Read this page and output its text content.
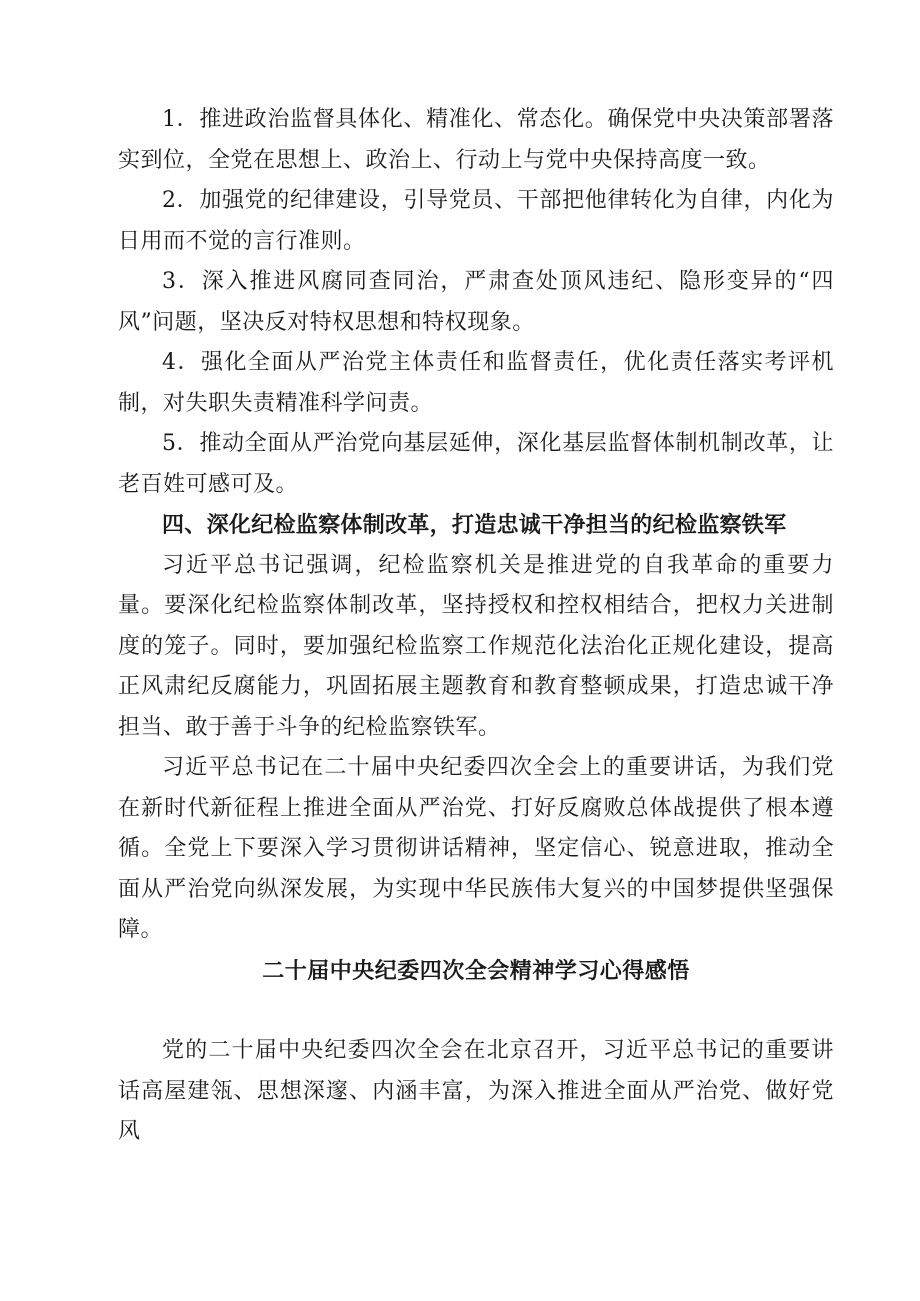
1．推进政治监督具体化、精准化、常态化。确保党中央决策部署落实到位，全党在思想上、政治上、行动上与党中央保持高度一致。

2．加强党的纪律建设，引导党员、干部把他律转化为自律，内化为日用而不觉的言行准则。

3．深入推进风腐同查同治，严肃查处顶风违纪、隐形变异的“四风”问题，坚决反对特权思想和特权现象。

4．强化全面从严治党主体责任和监督责任，优化责任落实考评机制，对失职失责精准科学问责。

5．推动全面从严治党向基层延伸，深化基层监督体制机制改革，让老百姓可感可及。

四、深化纪检监察体制改革，打造忠诚干净担当的纪检监察铁军

习近平总书记强调，纪检监察机关是推进党的自我革命的重要力量。要深化纪检监察体制改革，坚持授权和控权相结合，把权力关进制度的笼子。同时，要加强纪检监察工作规范化法治化正规化建设，提高正风肃纪反腐能力，巩固拓展主题教育和教育整顿成果，打造忠诚干净担当、敢于善于斗争的纪检监察铁军。

习近平总书记在二十届中央纪委四次全会上的重要讲话，为我们党在新时代新征程上推进全面从严治党、打好反腐败总体战提供了根本遵循。全党上下要深入学习贯彻讲话精神，坚定信心、锐意进取，推动全面从严治党向纵深发展，为实现中华民族伟大复兴的中国梦提供坚强保障。

二十届中央纪委四次全会精神学习心得感悟

党的二十届中央纪委四次全会在北京召开，习近平总书记的重要讲话高屋建瓴、思想深邃、内涵丰富，为深入推进全面从严治党、做好党风
